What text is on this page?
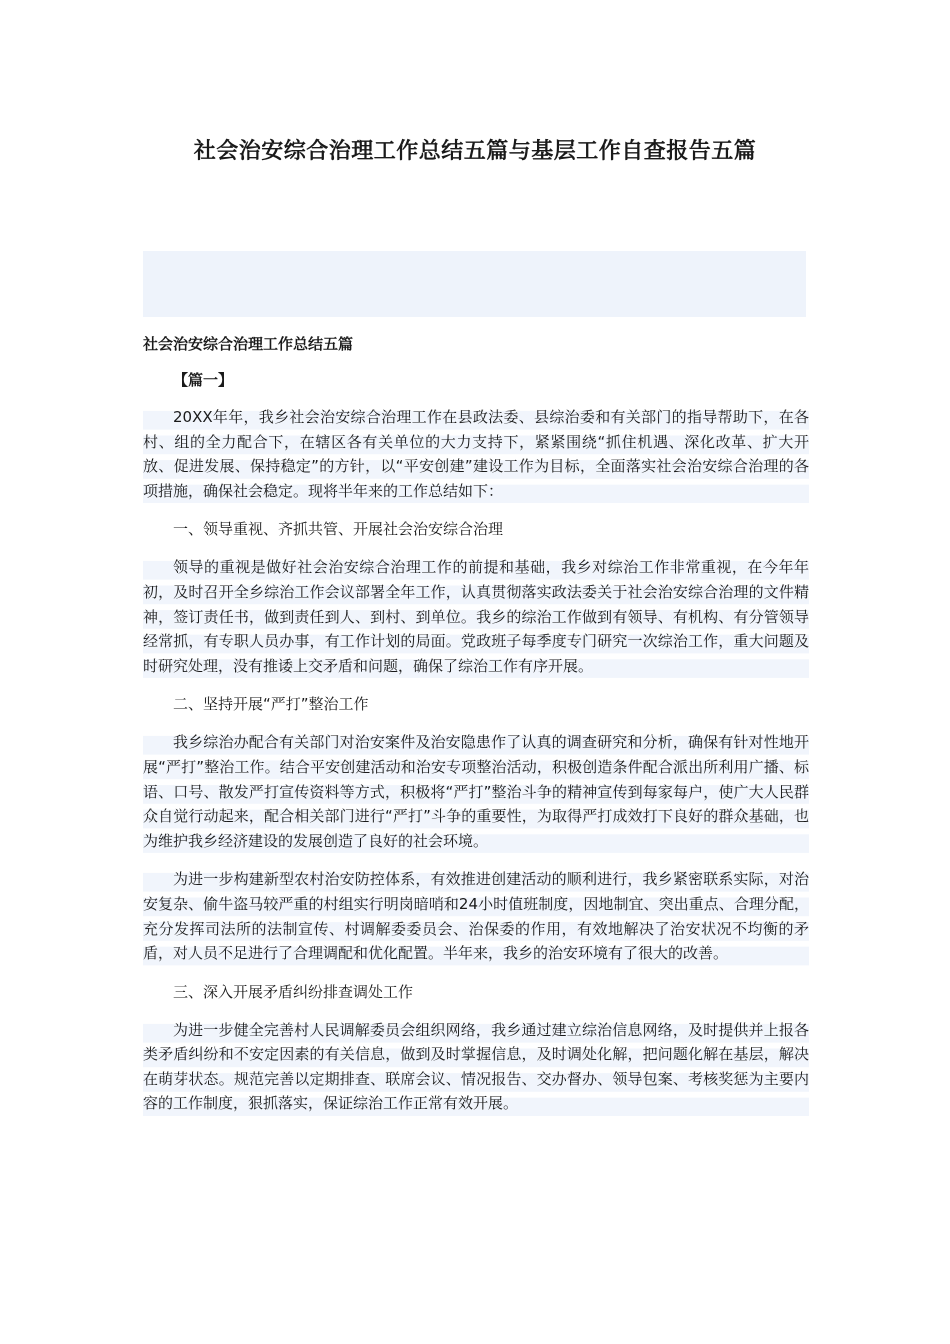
社会治安综合治理工作总结五篇与基层工作自查报告五篇
社会治安综合治理工作总结五篇
【篇一】

20XX年年，我乡社会治安综合治理工作在县政法委、县综治委和有关部门的指导帮助下，在各村、组的全力配合下，在辖区各有关单位的大力支持下，紧紧围绕“抓住机遇、深化改革、扩大开放、促进发展、保持稳定”的方针，以“平安创建”建设工作为目标，全面落实社会治安综合治理的各项措施，确保社会稳定。现将半年来的工作总结如下：

一、领导重视、齐抓共管、开展社会治安综合治理

领导的重视是做好社会治安综合治理工作的前提和基础，我乡对综治工作非常重视，在今年年初，及时召开全乡综治工作会议部署全年工作，认真贯彻落实政法委关于社会治安综合治理的文件精神，签订责任书，做到责任到人、到村、到单位。我乡的综治工作做到有领导、有机构、有分管领导经常抓，有专职人员办事，有工作计划的局面。党政班子每季度专门研究一次综治工作，重大问题及时研究处理，没有推诿上交矛盾和问题，确保了综治工作有序开展。

二、坚持开展“严打”整治工作

我乡综治办配合有关部门对治安案件及治安隐患作了认真的调查研究和分析，确保有针对性地开展“严打”整治工作。结合平安创建活动和治安专项整治活动，积极创造条件配合派出所利用广播、标语、口号、散发严打宣传资料等方式，积极将“严打”整治斗争的精神宣传到每家每户，使广大人民群众自觉行动起来，配合相关部门进行“严打”斗争的重要性，为取得严打成效打下良好的群众基础，也为维护我乡经济建设的发展创造了良好的社会环境。

为进一步构建新型农村治安防控体系，有效推进创建活动的顺利进行，我乡紧密联系实际，对治安复杂、偷牛盗马较严重的村组实行明岗暗哨和24小时值班制度，因地制宜、突出重点、合理分配，充分发挥司法所的法制宣传、村调解委委员会、治保委的作用，有效地解决了治安状况不均衡的矛盾，对人员不足进行了合理调配和优化配置。半年来，我乡的治安环境有了很大的改善。

三、深入开展矛盾纠纷排查调处工作

为进一步健全完善村人民调解委员会组织网络，我乡通过建立综治信息网络，及时提供并上报各类矛盾纠纷和不安定因素的有关信息，做到及时掌握信息，及时调处化解，把问题化解在基层，解决在萌芽状态。规范完善以定期排查、联席会议、情况报告、交办督办、领导包案、考核奖惩为主要内容的工作制度，狠抓落实，保证综治工作正常有效开展。
